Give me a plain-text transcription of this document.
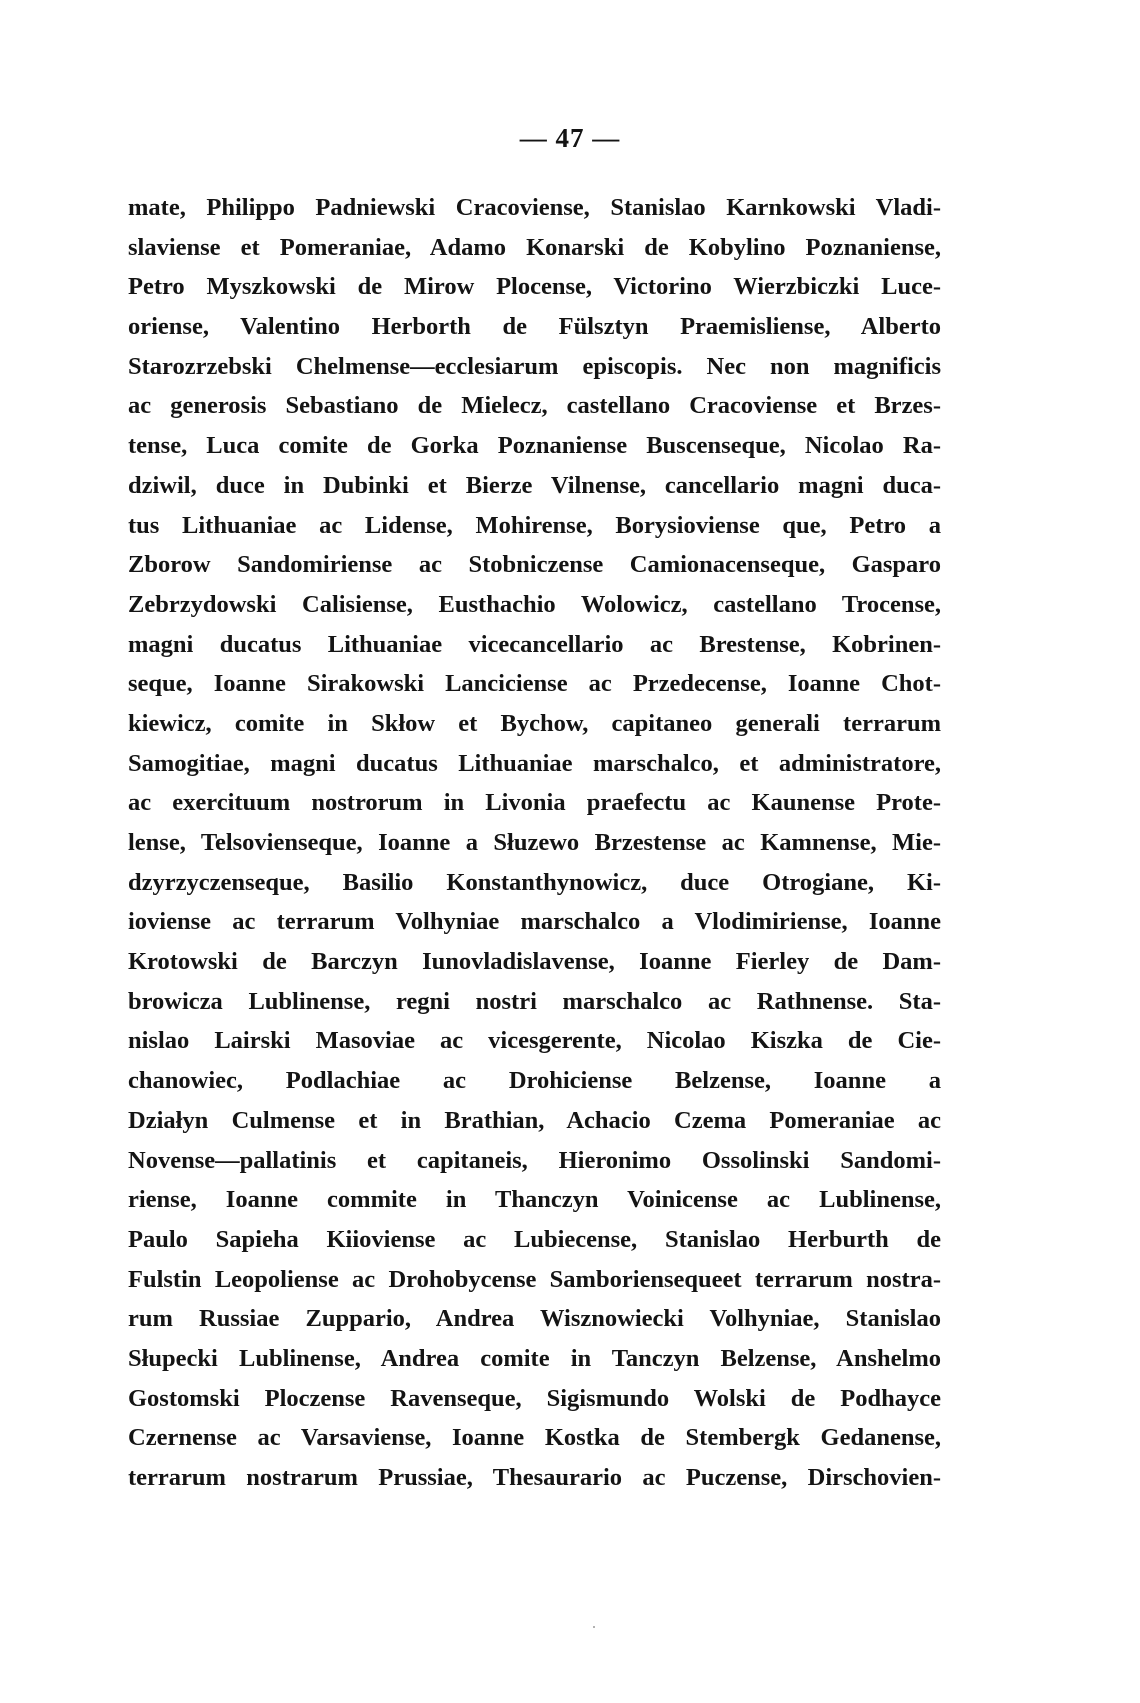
— 47 —
mate, Philippo Padniewski Cracoviense, Stanislao Karnkowski Vladi-
slaviense et Pomeraniae, Adamo Konarski de Kobylino Poznaniense,
Petro Myszkowski de Mirow Plocense, Victorino Wierzbiczki Luce-
oriense, Valentino Herborth de Fülsztyn Praemisliense, Alberto
Starozrzebski Chelmense—ecclesiarum episcopis. Nec non magnificis
ac generosis Sebastiano de Mielecz, castellano Cracoviense et Brzes-
tense, Luca comite de Gorka Poznaniense Buscenseque, Nicolao Ra-
dziwil, duce in Dubinki et Bierze Vilnense, cancellario magni duca-
tus Lithuaniae ac Lidense, Mohirense, Borysioviense que, Petro a
Zborow Sandomiriense ac Stobniczense Camionacenseque, Gasparo
Zebrzydowski Calisiense, Eusthachio Wolowicz, castellano Trocense,
magni ducatus Lithuaniae vicecancellario ac Brestense, Kobrinen-
seque, Ioanne Sirakowski Lanciciense ac Przedecense, Ioanne Chot-
kiewicz, comite in Skłow et Bychow, capitaneo generali terrarum
Samogitiae, magni ducatus Lithuaniae marschalco, et administratore,
ac exercituum nostrorum in Livonia praefectu ac Kaunense Prote-
lense, Telsovienseque, Ioanne a Słuzewo Brzestense ac Kamnense, Mie-
dzyrzyczenseque, Basilio Konstanthynowicz, duce Otrogiane, Ki-
ioviense ac terrarum Volhyniae marschalco a Vlodimiriense, Ioanne
Krotowski de Barczyn Iunovladislavense, Ioanne Fierley de Dam-
browicza Lublinense, regni nostri marschalco ac Rathnense. Sta-
nislao Lairski Masoviae ac vicesgerente, Nicolao Kiszka de Cie-
chanowiec, Podlachiae ac Drohiciense Belzense, Ioanne a
Działyn Culmense et in Brathian, Achacio Czema Pomeraniae ac
Novense—pallatinis et capitaneis, Hieronimo Ossolinski Sandomi-
riense, Ioanne commite in Thanczyn Voinicense ac Lublinense,
Paulo Sapieha Kiioviense ac Lubiecense, Stanislao Herburth de
Fulstin Leopoliense ac Drohobycense Samboriensequeet terrarum nostra-
rum Russiae Zuppario, Andrea Wisznowiecki Volhyniae, Stanislao
Słupecki Lublinense, Andrea comite in Tanczyn Belzense, Anshelmo
Gostomski Ploczense Ravenseque, Sigismundo Wolski de Podhayce
Czernense ac Varsaviense, Ioanne Kostka de Stembergk Gedanense,
terrarum nostrarum Prussiae, Thesaurario ac Puczense, Dirschovien-
